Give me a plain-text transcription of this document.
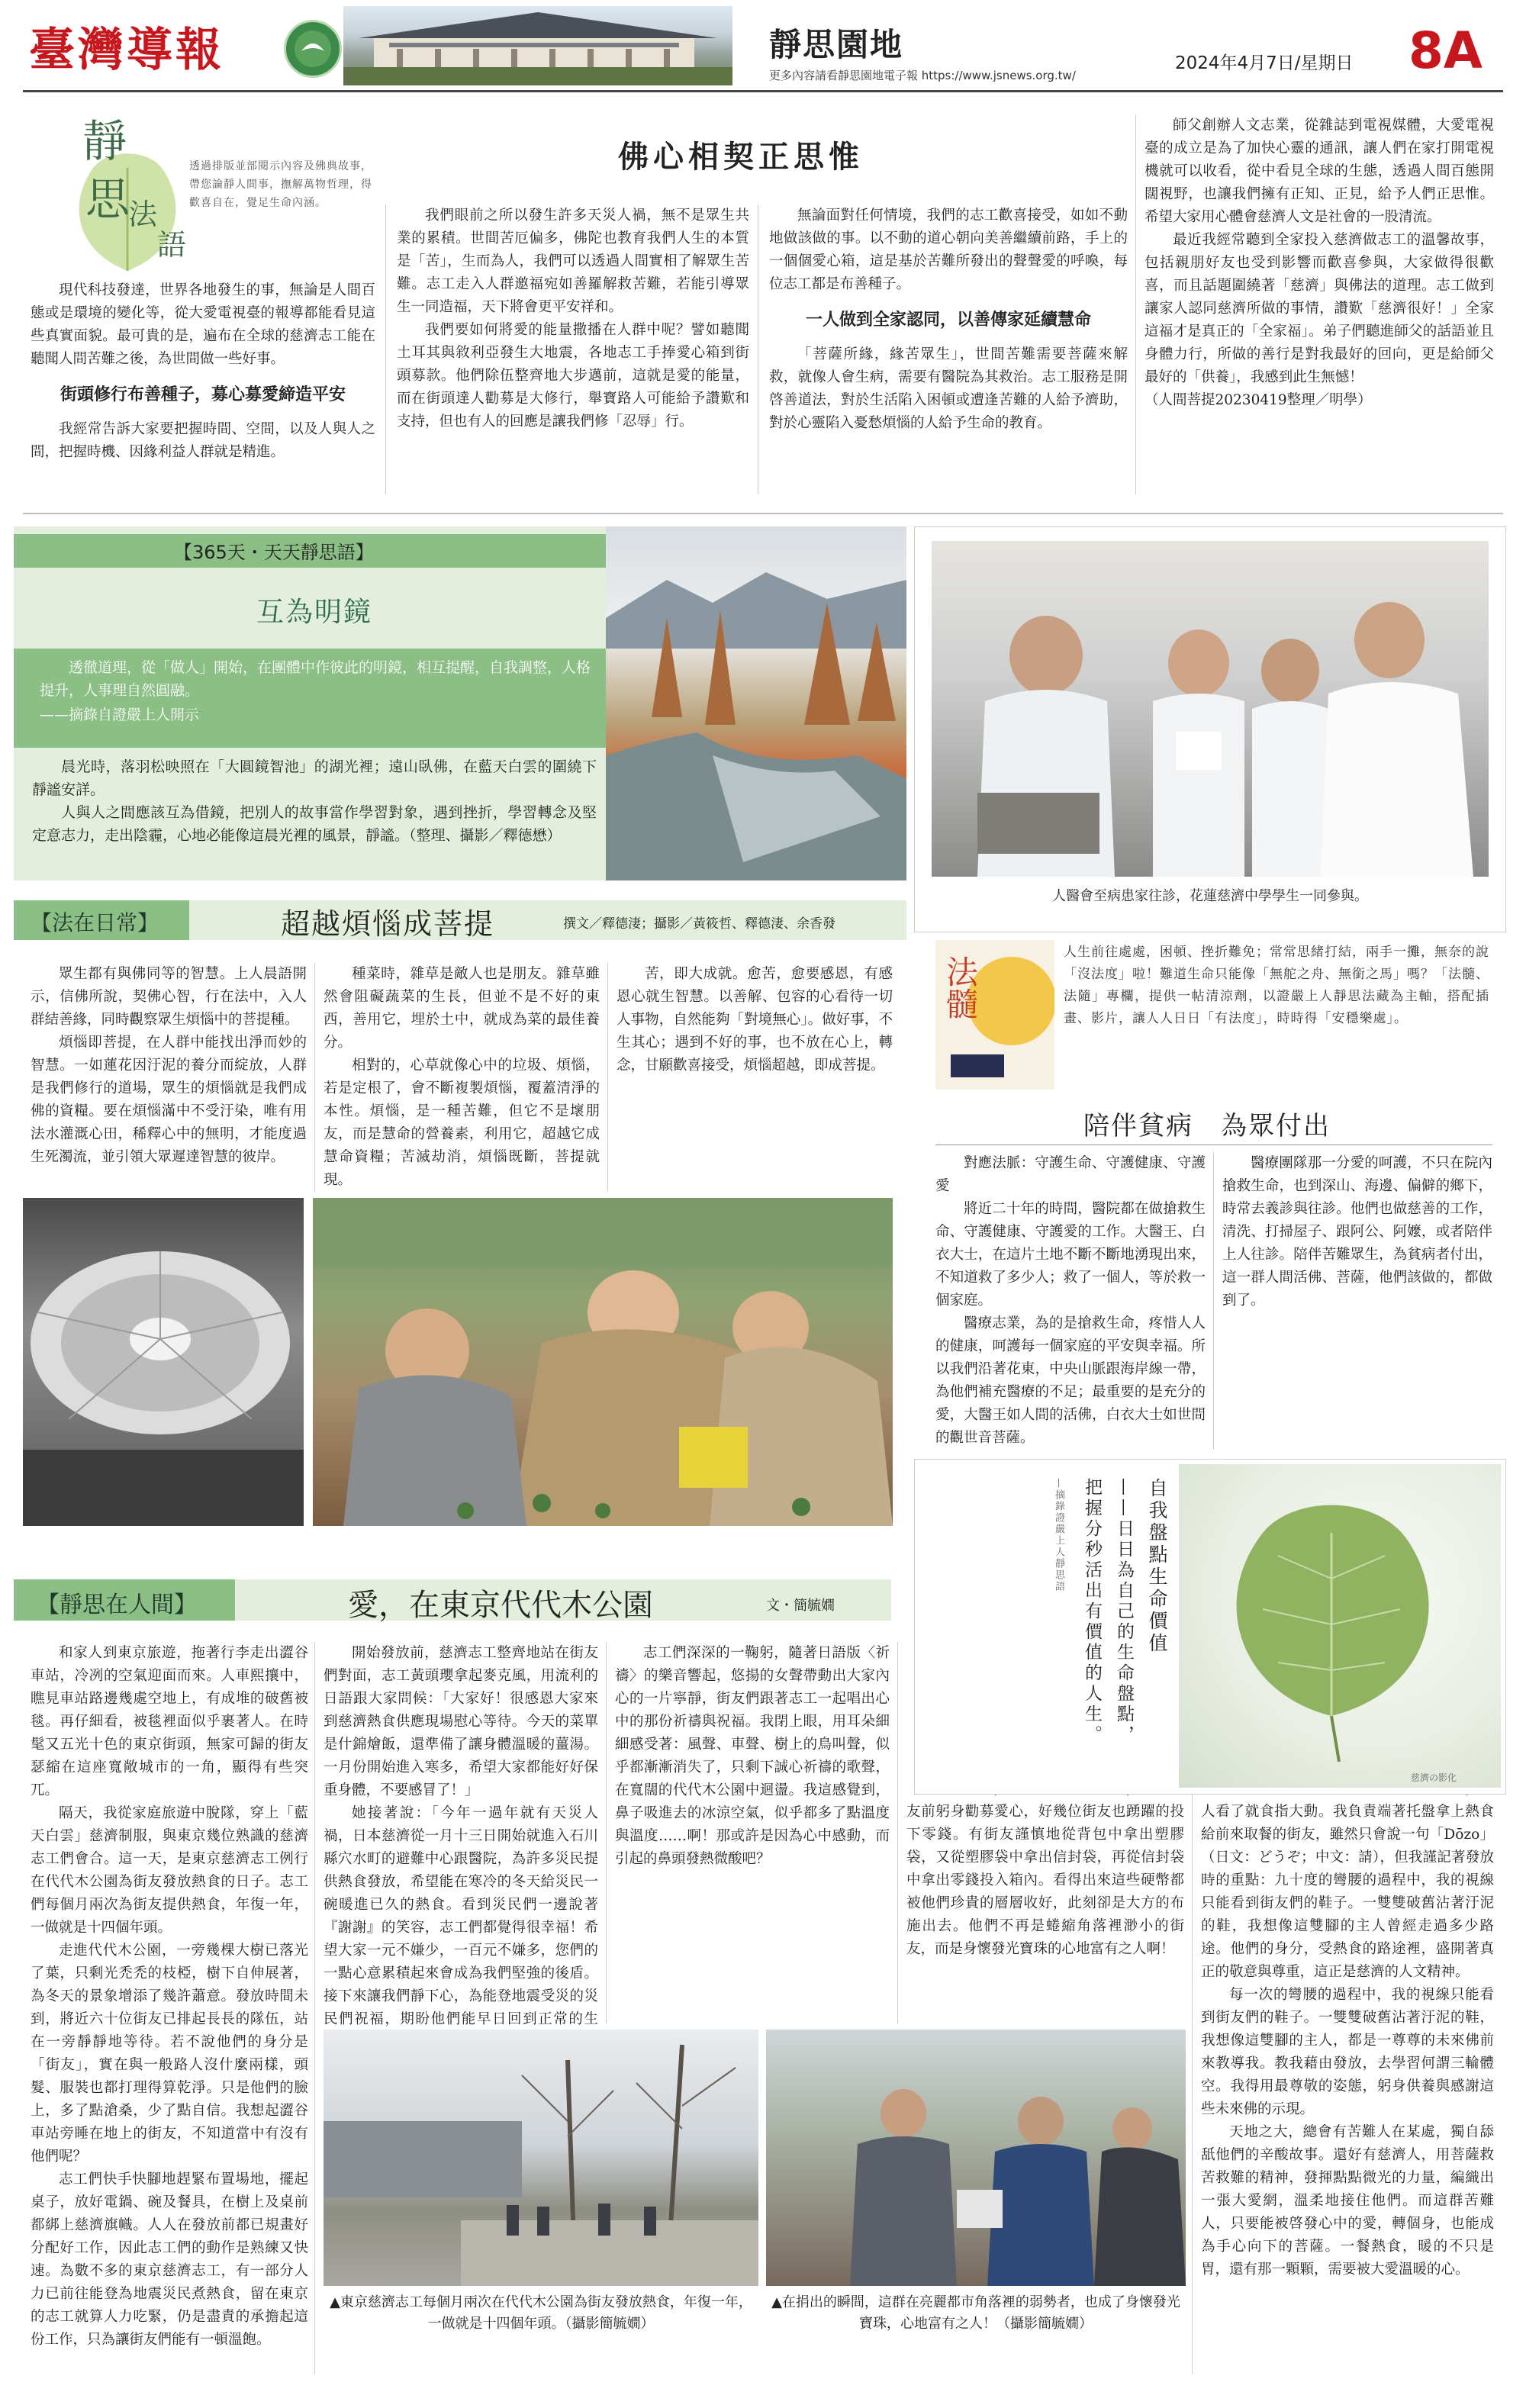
臺灣導報	靜思園地
更多內容請看靜思園地電子報 https://www.jsnews.org.tw/
2024年4月7日/星期日 8A
靜
思
法
語
透過排版並部閱示內容及佛典故事，帶您論靜人間事，撫解萬物哲理，得歡喜自在，覺足生命內涵。
佛心相契正思惟

現代科技發達，世界各地發生的事，無論是人間百態或是環境的變化等，從大愛電視臺的報導都能看見這些真實面貌。最可貴的是，遍布在全球的慈濟志工能在聽聞人間苦難之後，為世間做一些好事。

街頭修行布善種子，募心募愛締造平安

我經常告訴大家要把握時間、空間，以及人與人之間，把握時機、因緣利益人群就是精進。

我們眼前之所以發生許多天災人禍，無不是眾生共業的累積。世間苦厄偏多，佛陀也教育我們人生的本質是「苦」，生而為人，我們可以透過人間實相了解眾生苦難。志工走入人群邀福宛如善羅解救苦難，若能引導眾生一同造福，天下將會更平安祥和。

我們要如何將愛的能量撒播在人群中呢？譬如聽聞土耳其與敘利亞發生大地震，各地志工手捧愛心箱到街頭募款。他們除伍整齊地大步邁前，這就是愛的能量，而在街頭達人勸募是大修行，舉寶路人可能給予讚歎和支持，但也有人的回應是讓我們修「忍辱」行。

無論面對任何情境，我們的志工歡喜接受，如如不動地做該做的事。以不動的道心朝向美善繼續前路，手上的一個個愛心箱，這是基於苦難所發出的聲聲愛的呼喚，每位志工都是布善種子。

一人做到全家認同，以善傳家延續慧命

「菩薩所緣，緣苦眾生」，世間苦難需要菩薩來解救，就像人會生病，需要有醫院為其救治。志工服務是開啓善道法，對於生活陷入困頓或遭逢苦難的人給予濟助，對於心靈陷入憂愁煩惱的人給予生命的教育。

師父創辦人文志業，從雜誌到電視媒體，大愛電視臺的成立是為了加快心靈的通訊，讓人們在家打開電視機就可以收看，從中看見全球的生態，透過人間百態開闊視野，也讓我們擁有正知、正見，給予人們正思惟。希望大家用心體會慈濟人文是社會的一股清流。

最近我經常聽到全家投入慈濟做志工的溫馨故事，包括親朋好友也受到影響而歡喜參與，大家做得很歡喜，而且話題圍繞著「慈濟」與佛法的道理。志工做到讓家人認同慈濟所做的事情，讚歎「慈濟很好！」全家這福才是真正的「全家福」。弟子們聽進師父的話語並且身體力行，所做的善行是對我最好的回向，更是給師父最好的「供養」，我感到此生無憾！

（人間菩提20230419整理／明學）

【365天・天天靜思語】
互為明鏡
透徹道理，從「做人」開始，在團體中作彼此的明鏡，相互提醒，自我調整，人格提升，人事理自然圓融。
——摘錄自證嚴上人開示

晨光時，落羽松映照在「大圓鏡智池」的湖光裡；遠山臥佛，在藍天白雲的圍繞下靜謐安詳。

人與人之間應該互為借鏡，把別人的故事當作學習對象，遇到挫折，學習轉念及堅定意志力，走出陰霾，心地必能像這晨光裡的風景，靜謐。（整理、攝影／釋德懋）

【法在日常】	超越煩惱成菩提	撰文／釋德淒；攝影／黃筱哲、釋德淒、余香發

眾生都有與佛同等的智慧。上人晨語開示，信佛所說，契佛心智，行在法中，入人群結善緣，同時觀察眾生煩惱中的菩提種。

煩惱即菩提，在人群中能找出淨而妙的智慧。一如蓮花因汙泥的養分而綻放，人群是我們修行的道場，眾生的煩惱就是我們成佛的資糧。要在煩惱滿中不受汙染，唯有用法水灌溉心田，稀釋心中的無明，才能度過生死濁流，並引領大眾遲達智慧的彼岸。

種菜時，雜草是敵人也是朋友。雜草雖然會阻礙蔬菜的生長，但並不是不好的東西，善用它，埋於土中，就成為菜的最佳養分。

相對的，心草就像心中的垃圾、煩惱，若是定根了，會不斷複製煩惱，覆蓋清淨的本性。煩惱，是一種苦難，但它不是壞朋友，而是慧命的營養素，利用它，超越它成慧命資糧；苦滅劫消，煩惱既斷，菩提就現。

苦，即大成就。愈苦，愈要感恩，有感恩心就生智慧。以善解、包容的心看待一切人事物，自然能夠「對境無心」。做好事，不生其心；遇到不好的事，也不放在心上，轉念，甘願歡喜接受，煩惱超越，即成菩提。

【靜思在人間】	愛，在東京代代木公園	文・簡毓嫺

和家人到東京旅遊，拖著行李走出澀谷車站，冷冽的空氣迎面而來。人車熙攘中，瞧見車站路邊幾處空地上，有成堆的破舊被毯。再仔細看，被毯裡面似乎裹著人。在時髦又五光十色的東京街頭，無家可歸的街友瑟縮在這座寬敞城市的一角，顯得有些突兀。

隔天，我從家庭旅遊中脫隊，穿上「藍天白雲」慈濟制服，與東京幾位熟識的慈濟志工們會合。這一天，是東京慈濟志工例行在代代木公園為街友發放熱食的日子。志工們每個月兩次為街友提供熱食，年復一年，一做就是十四個年頭。

走進代代木公園，一旁幾棵大樹已落光了葉，只剩光禿禿的枝椏，樹下自伸展著，為冬天的景象增添了幾許蕭意。發放時間未到，將近六十位街友已排起長長的隊伍，站在一旁靜靜地等待。若不說他們的身分是「街友」，實在與一般路人沒什麼兩樣，頭髮、服裝也都打理得算乾淨。只是他們的臉上，多了點滄桑，少了點自信。我想起澀谷車站旁睡在地上的街友，不知道當中有沒有他們呢？

志工們快手快腳地趕緊布置場地，擺起桌子，放好電鍋、碗及餐具，在樹上及桌前都綁上慈濟旗幟。人人在發放前都已規畫好分配好工作，因此志工們的動作是熟練又快速。為數不多的東京慈濟志工，有一部分人力已前往能登為地震災民煮熱食，留在東京的志工就算人力吃緊，仍是盡責的承擔起這份工作，只為讓街友們能有一頓溫飽。

開始發放前，慈濟志工整齊地站在街友們對面，志工黃頭瓔拿起麥克風，用流利的日語跟大家問候：「大家好！很感恩大家來到慈濟熱食供應現場慰心等待。今天的菜單是什錦燴飯，還準備了讓身體溫暖的薑湯。一月份開始進入寒多，希望大家都能好好保重身體，不要感冒了！」

她接著說：「今年一過年就有天災人禍，日本慈濟從一月十三日開始就進入石川縣穴水町的避難中心跟醫院，為許多災民提供熱食發放，希望能在寒冷的冬天給災民一碗暖進已久的熱食。看到災民們一邊說著『謝謝』的笑容，志工們都覺得很幸福！希望大家一元不嫌少，一百元不嫌多，您們的一點心意累積起來會成為我們堅強的後盾。接下來讓我們靜下心，為能登地震受災的災民們祝福，期盼他們能早日回到正常的生

志工們深深的一鞠躬，隨著日語版〈祈禱〉的樂音響起，悠揚的女聲帶動出大家內心的一片寧靜，街友們跟著志工一起唱出心中的那份祈禱與祝福。我閉上眼，用耳朵細細感受著：風聲、車聲、樹上的鳥叫聲，似乎都漸漸消失了，只剩下誠心祈禱的歌聲，在寬闊的代代木公園中迴盪。我這感覺到，鼻子吸進去的冰涼空氣，似乎都多了點溫度與溫度……啊！那或許是因為心中感動，而引起的鼻頭發熱微酸吧？

友前躬身勸募愛心，好幾位街友也踴躍的投下零錢。有街友謹慎地從背包中拿出塑膠袋，又從塑膠袋中拿出信封袋，再從信封袋中拿出零錢投入箱內。看得出來這些硬幣都被他們珍貴的層層收好，此刻卻是大方的布施出去。他們不再是蜷縮角落裡渺小的街友，而是身懷發光寶珠的心地富有之人啊！

人看了就食指大動。我負責端著托盤拿上熱食給前來取餐的街友，雖然只會說一句「Dōzo」（日文：どうぞ；中文：請），但我謹記著發放時的重點：九十度的彎腰的過程中，我的視線只能看到街友們的鞋子。一雙雙破舊沾著汙泥的鞋，我想像這雙腳的主人曾經走過多少路途。他們的身分，受熱食的路途裡，盛開著真正的敬意與尊重，這正是慈濟的人文精神。

每一次的彎腰的過程中，我的視線只能看到街友們的鞋子。一雙雙破舊沾著汙泥的鞋，我想像這雙腳的主人，都是一尊尊的未來佛前來教導我。教我藉由發放，去學習何謂三輪體空。我得用最尊敬的姿態，躬身供養與感謝這些未來佛的示現。

天地之大，總會有苦難人在某處，獨自舔舐他們的辛酸故事。還好有慈濟人，用菩薩救苦救難的精神，發揮點點微光的力量，編織出一張大愛網，溫柔地接住他們。而這群苦難人，只要能被啓發心中的愛，轉個身，也能成為手心向下的菩薩。一餐熱食，暖的不只是胃，還有那一顆顆，需要被大愛溫暖的心。

▲東京慈濟志工每個月兩次在代代木公園為街友發放熱食，年復一年，一做就是十四個年頭。（攝影簡毓嫺）
▲在捐出的瞬間，這群在亮麗都市角落裡的弱勢者，也成了身懷發光寶珠，心地富有之人！（攝影簡毓嫺）
人醫會至病患家往診，花蓮慈濟中學學生一同參與。
法髓
人生前往處處，困頓、挫折難免；常常思緒打結，兩手一攤，無奈的說「沒法度」啦！難道生命只能像「無舵之舟、無銜之馬」嗎？「法髓、法隨」專欄，提供一帖清涼劑，以證嚴上人靜思法藏為主軸，搭配插畫、影片，讓人人日日「有法度」，時時得「安穩樂處」。
陪伴貧病　為眾付出

對應法脈：守護生命、守護健康、守護愛

將近二十年的時間，醫院都在做搶救生命、守護健康、守護愛的工作。大醫王、白衣大士，在這片土地不斷不斷地湧現出來，不知道救了多少人；救了一個人，等於救一個家庭。

醫療志業，為的是搶救生命，疼惜人人的健康，呵護每一個家庭的平安與幸福。所以我們沿著花東，中央山脈跟海岸線一帶，為他們補充醫療的不足；最重要的是充分的愛，大醫王如人間的活佛，白衣大士如世間的觀世音菩薩。

醫療團隊那一分愛的呵護，不只在院內搶救生命，也到深山、海邊、偏僻的鄉下，時常去義診與往診。他們也做慈善的工作，清洗、打掃屋子、跟阿公、阿嬤，或者陪伴上人往診。陪伴苦難眾生，為貧病者付出，這一群人間活佛、菩薩，他們該做的，都做到了。

自我盤點生命價值
——日日為自己的生命盤點，
把握分秒活出有價值的人生。
—摘錄證嚴上人靜思語
慈濟の影化
